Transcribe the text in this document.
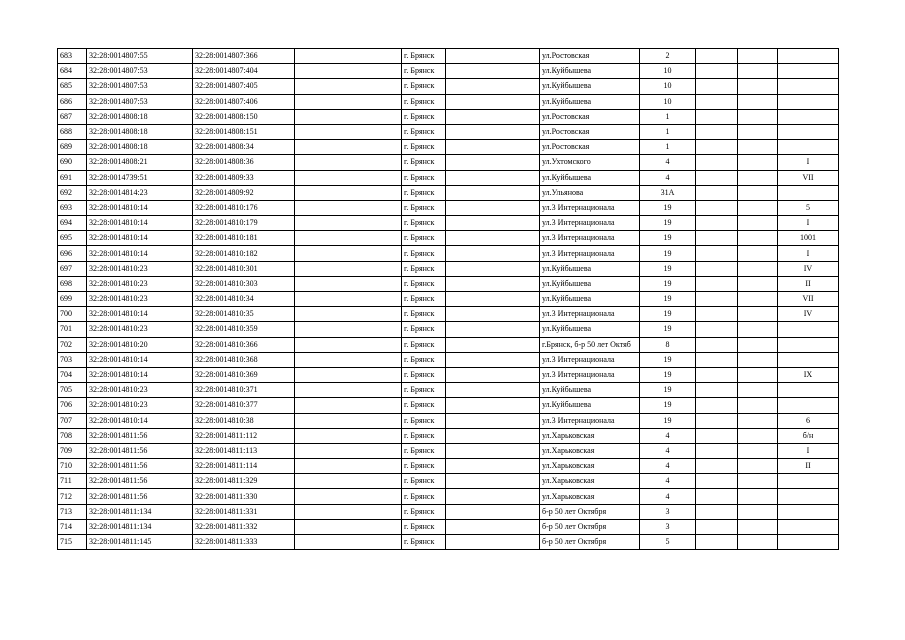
683	32:28:0014807:55	32:28:0014807:366		г. Брянск		ул.Ростовская	2			
684	32:28:0014807:53	32:28:0014807:404		г. Брянск		ул.Куйбышева	10			
685	32:28:0014807:53	32:28:0014807:405		г. Брянск		ул.Куйбышева	10			
686	32:28:0014807:53	32:28:0014807:406		г. Брянск		ул.Куйбышева	10			
687	32:28:0014808:18	32:28:0014808:150		г. Брянск		ул.Ростовская	1			
688	32:28:0014808:18	32:28:0014808:151		г. Брянск		ул.Ростовская	1			
689	32:28:0014808:18	32:28:0014808:34		г. Брянск		ул.Ростовская	1			
690	32:28:0014808:21	32:28:0014808:36		г. Брянск		ул.Ухтомского	4			I
691	32:28:0014739:51	32:28:0014809:33		г. Брянск		ул.Куйбышева	4			VII
692	32:28:0014814:23	32:28:0014809:92		г. Брянск		ул.Ульянова	31А			
693	32:28:0014810:14	32:28:0014810:176		г. Брянск		ул.3 Интернационала	19			5
694	32:28:0014810:14	32:28:0014810:179		г. Брянск		ул.3 Интернационала	19			I
695	32:28:0014810:14	32:28:0014810:181		г. Брянск		ул.3 Интернационала	19			1001
696	32:28:0014810:14	32:28:0014810:182		г. Брянск		ул.3 Интернационала	19			I
697	32:28:0014810:23	32:28:0014810:301		г. Брянск		ул.Куйбышева	19			IV
698	32:28:0014810:23	32:28:0014810:303		г. Брянск		ул.Куйбышева	19			II
699	32:28:0014810:23	32:28:0014810:34		г. Брянск		ул.Куйбышева	19			VII
700	32:28:0014810:14	32:28:0014810:35		г. Брянск		ул.3 Интернационала	19			IV
701	32:28:0014810:23	32:28:0014810:359		г. Брянск		ул.Куйбышева	19			
702	32:28:0014810:20	32:28:0014810:366		г. Брянск		г.Брянск, б-р 50 лет Октяб	8			
703	32:28:0014810:14	32:28:0014810:368		г. Брянск		ул.3 Интернационала	19			
704	32:28:0014810:14	32:28:0014810:369		г. Брянск		ул.3 Интернационала	19			IX
705	32:28:0014810:23	32:28:0014810:371		г. Брянск		ул.Куйбышева	19			
706	32:28:0014810:23	32:28:0014810:377		г. Брянск		ул.Куйбышева	19			
707	32:28:0014810:14	32:28:0014810:38		г. Брянск		ул.3 Интернационала	19			6
708	32:28:0014811:56	32:28:0014811:112		г. Брянск		ул.Харьковская	4			б/н
709	32:28:0014811:56	32:28:0014811:113		г. Брянск		ул.Харьковская	4			I
710	32:28:0014811:56	32:28:0014811:114		г. Брянск		ул.Харьковская	4			II
711	32:28:0014811:56	32:28:0014811:329		г. Брянск		ул.Харьковская	4			
712	32:28:0014811:56	32:28:0014811:330		г. Брянск		ул.Харьковская	4			
713	32:28:0014811:134	32:28:0014811:331		г. Брянск		б-р 50 лет Октября	3			
714	32:28:0014811:134	32:28:0014811:332		г. Брянск		б-р 50 лет Октября	3			
715	32:28:0014811:145	32:28:0014811:333		г. Брянск		б-р 50 лет Октября	5			
